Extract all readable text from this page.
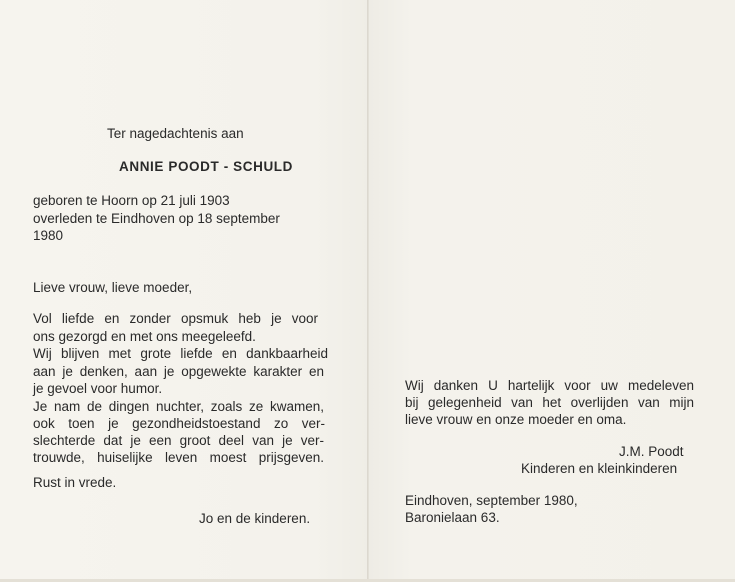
Ter nagedachtenis aan
ANNIE POODT - SCHULD
geboren te Hoorn op 21 juli 1903
overleden te Eindhoven op 18 september
1980
Lieve vrouw, lieve moeder,
Vol liefde en zonder opsmuk heb je voor
ons gezorgd en met ons meegeleefd.
Wij blijven met grote liefde en dankbaarheid
aan je denken, aan je opgewekte karakter en
je gevoel voor humor.
Je nam de dingen nuchter, zoals ze kwamen,
ook toen je gezondheidstoestand zo ver-
slechterde dat je een groot deel van je ver-
trouwde, huiselijke leven moest prijsgeven.
Rust in vrede.
Jo en de kinderen.
Wij danken U hartelijk voor uw medeleven
bij gelegenheid van het overlijden van mijn
lieve vrouw en onze moeder en oma.
J.M. Poodt
Kinderen en kleinkinderen
Eindhoven, september 1980,
Baronielaan 63.
